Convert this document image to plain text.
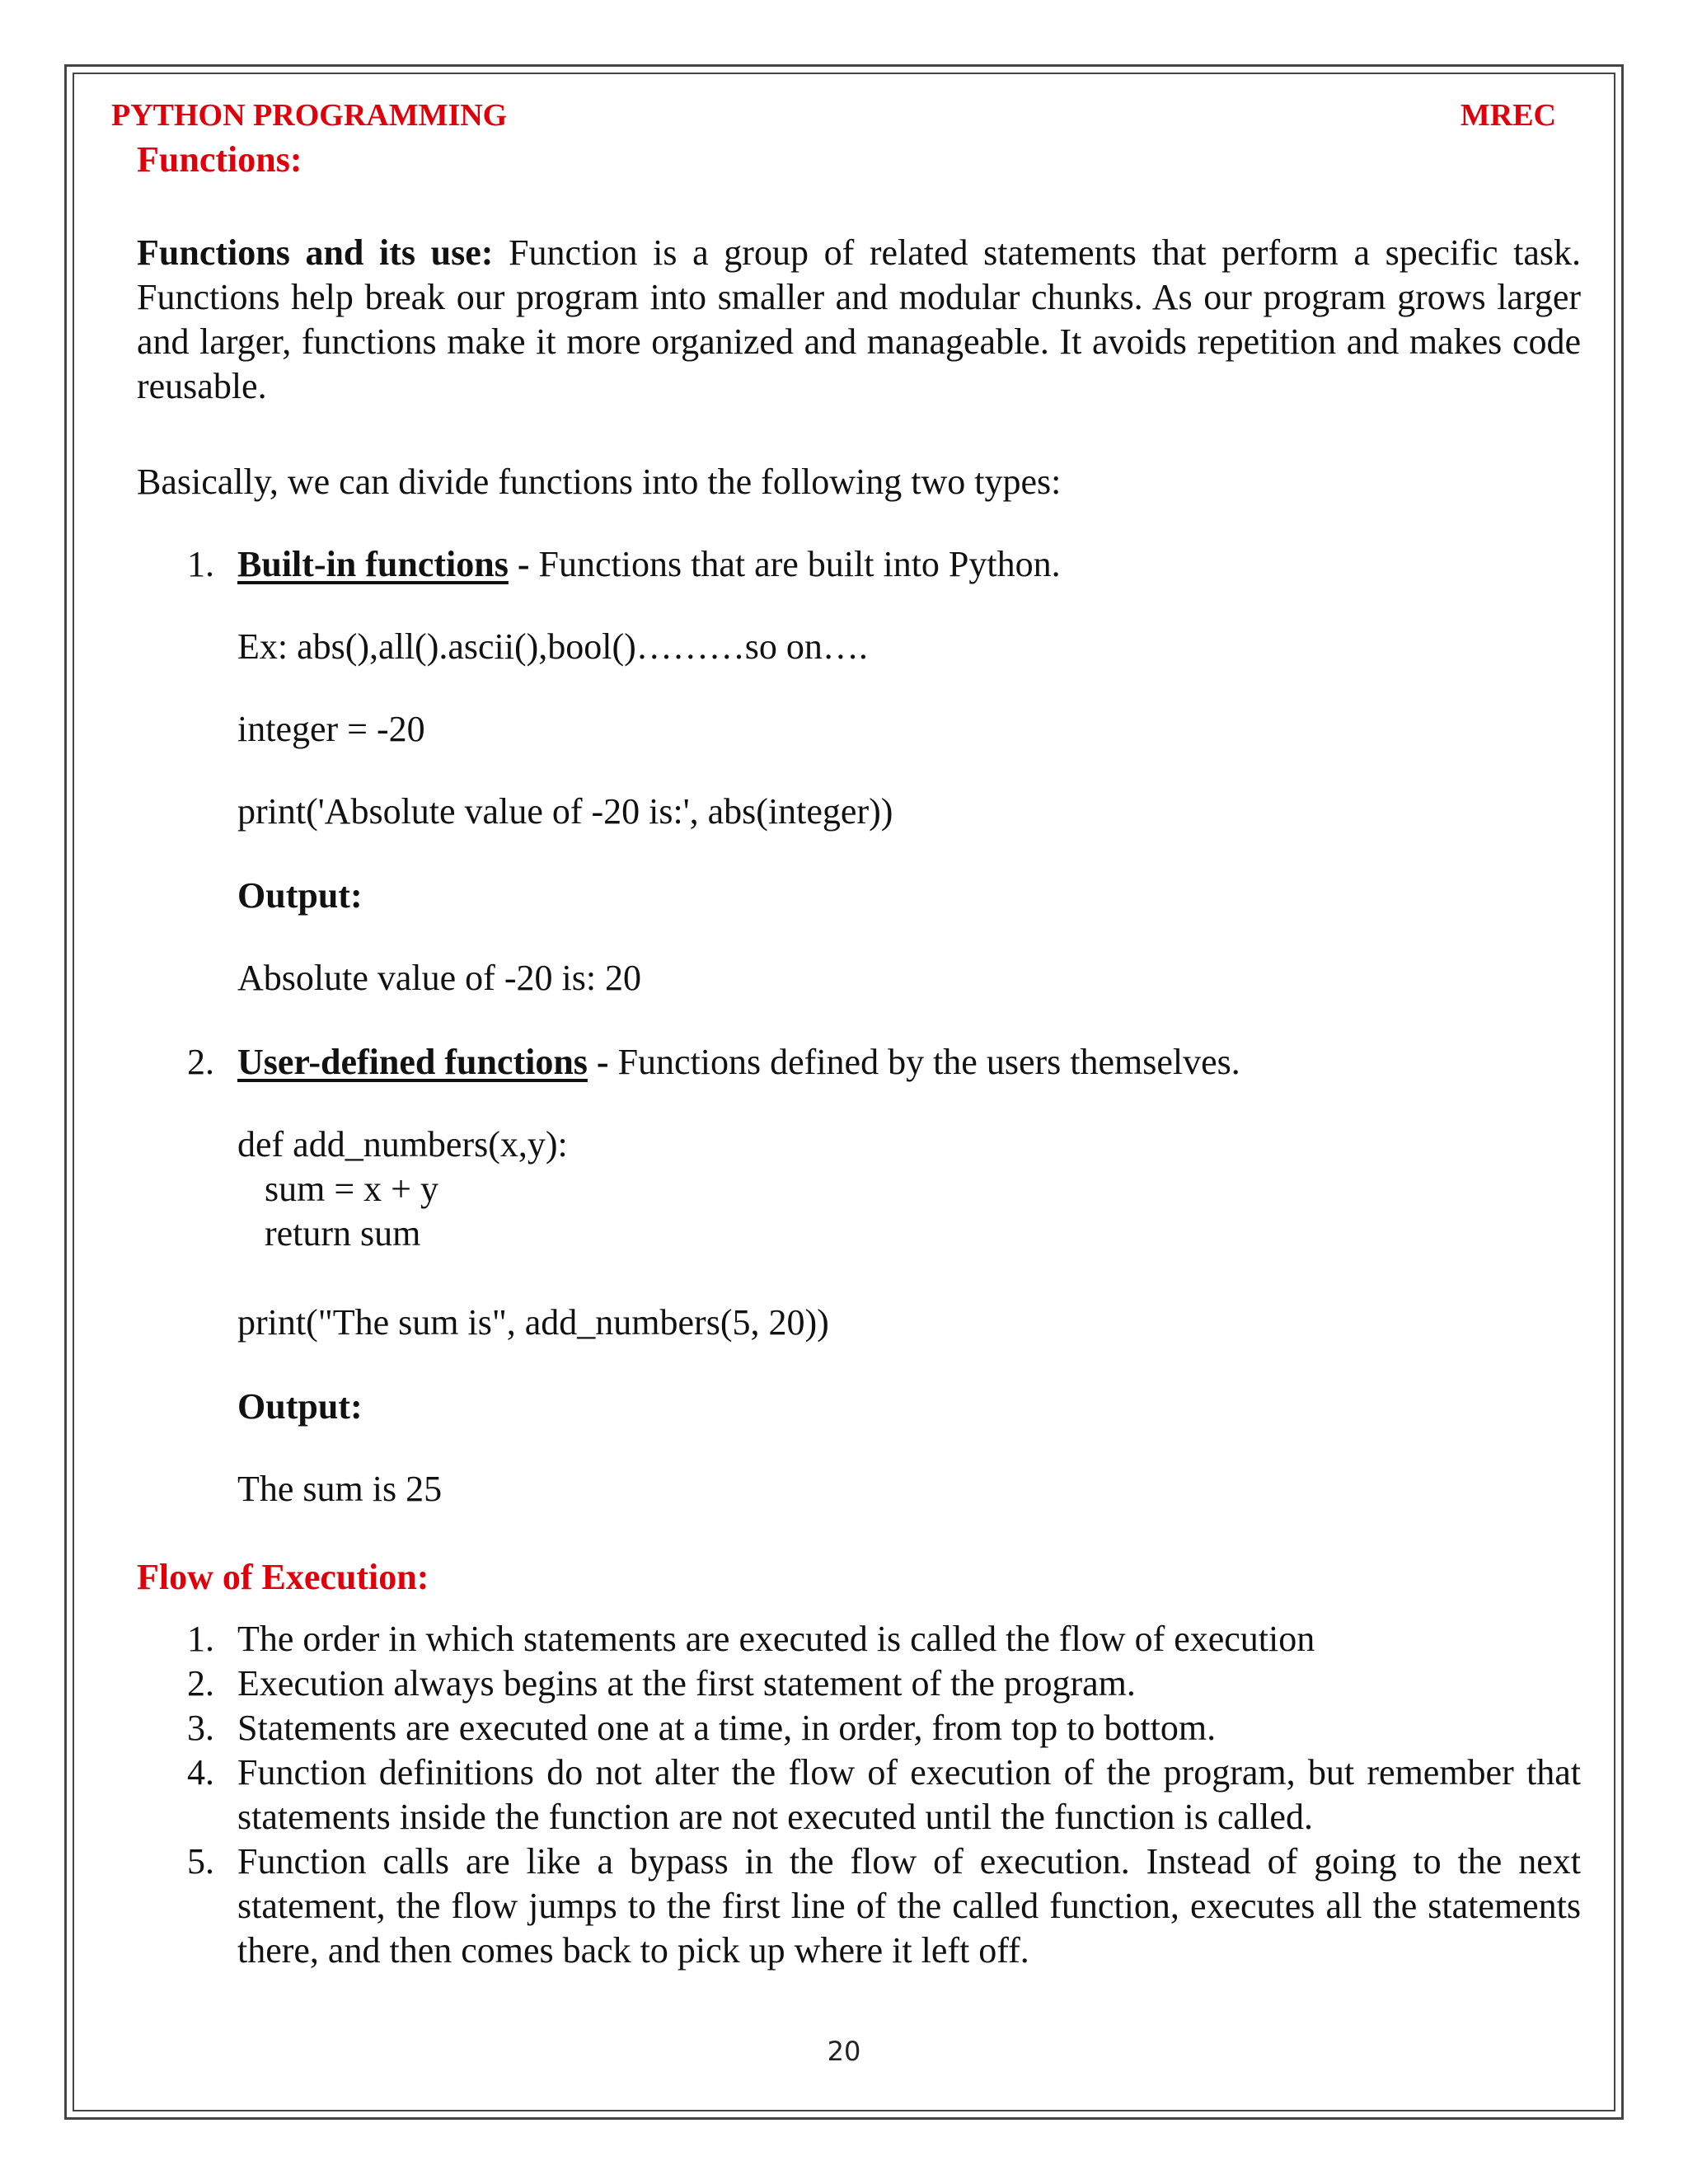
PYTHON PROGRAMMING	MREC
Functions:

Functions and its use: Function is a group of related statements that perform a specific task. Functions help break our program into smaller and modular chunks. As our program grows larger and larger, functions make it more organized and manageable. It avoids repetition and makes code reusable.

Basically, we can divide functions into the following two types:

1. Built-in functions - Functions that are built into Python.

Ex: abs(),all().ascii(),bool()………so on….

integer = -20

print('Absolute value of -20 is:', abs(integer))

Output:

Absolute value of -20 is: 20

2. User-defined functions - Functions defined by the users themselves.

def add_numbers(x,y):

sum = x + y

return sum

print("The sum is", add_numbers(5, 20))

Output:

The sum is 25

Flow of Execution:
1. The order in which statements are executed is called the flow of execution

2. Execution always begins at the first statement of the program.

3. Statements are executed one at a time, in order, from top to bottom.

4. Function definitions do not alter the flow of execution of the program, but remember that statements inside the function are not executed until the function is called.

5. Function calls are like a bypass in the flow of execution. Instead of going to the next statement, the flow jumps to the first line of the called function, executes all the statements there, and then comes back to pick up where it left off.

20
